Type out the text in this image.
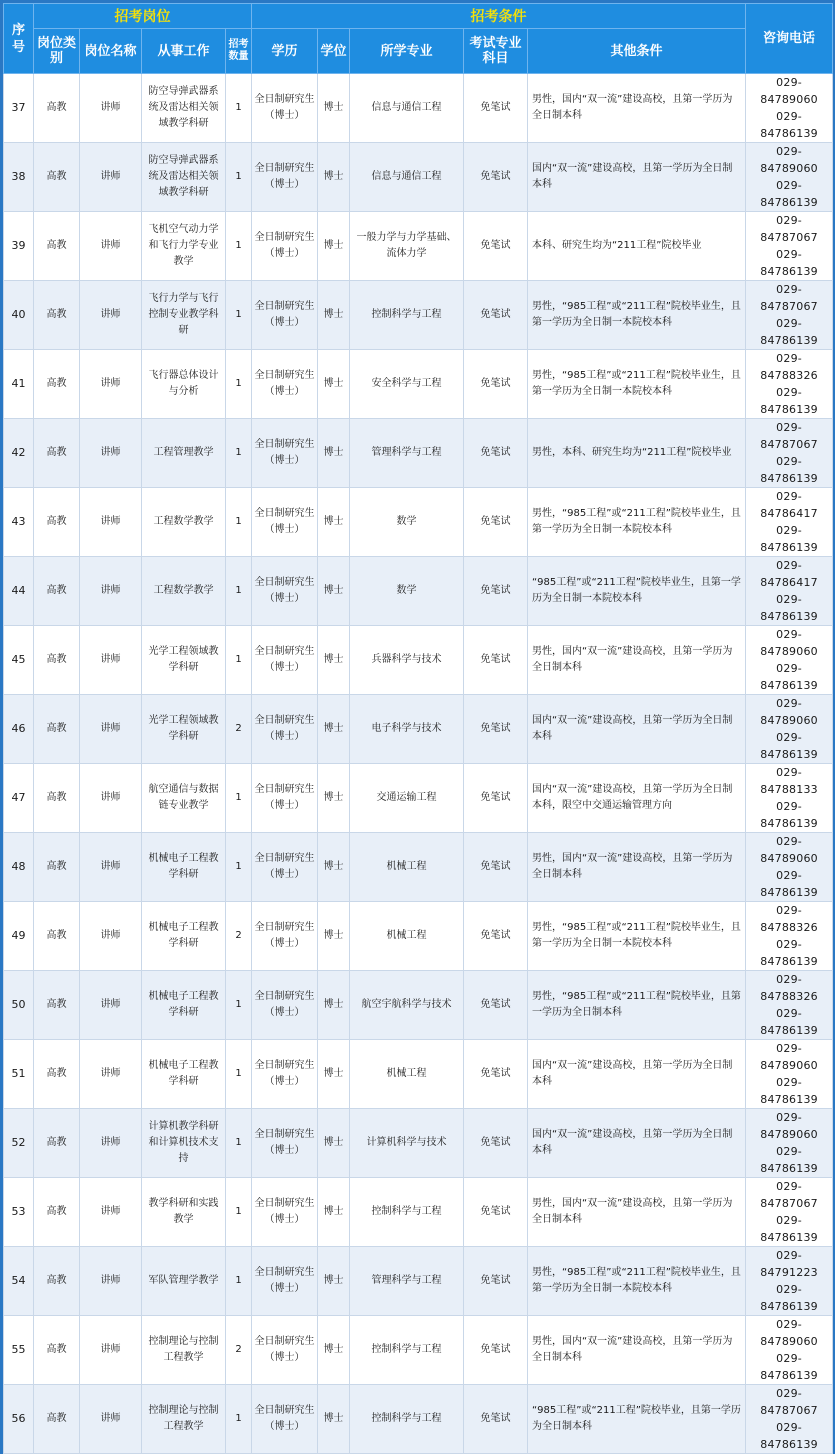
序号	招考岗位				招考条件					咨询电话
	岗位类别	岗位名称	从事工作	招考数量	学历	学位	所学专业	考试专业科目	其他条件	
37	高教	讲师	防空导弹武器系统及雷达相关领域教学科研	1	全日制研究生（博士）	博士	信息与通信工程	免笔试	男性，国内“双一流”建设高校，且第一学历为全日制本科	029-84789060
029-84786139

38	高教	讲师	防空导弹武器系统及雷达相关领域教学科研	1	全日制研究生（博士）	博士	信息与通信工程	免笔试	国内“双一流”建设高校，且第一学历为全日制本科	029-84789060
029-84786139

39	高教	讲师	飞机空气动力学和飞行力学专业教学	1	全日制研究生（博士）	博士	一般力学与力学基础、流体力学	免笔试	本科、研究生均为“211工程”院校毕业	029-84787067
029-84786139

40	高教	讲师	飞行力学与飞行控制专业教学科研	1	全日制研究生（博士）	博士	控制科学与工程	免笔试	男性，“985工程”或“211工程”院校毕业生，且第一学历为全日制一本院校本科	029-84787067
029-84786139

41	高教	讲师	飞行器总体设计与分析	1	全日制研究生（博士）	博士	安全科学与工程	免笔试	男性，“985工程”或“211工程”院校毕业生，且第一学历为全日制一本院校本科	029-84788326
029-84786139

42	高教	讲师	工程管理教学	1	全日制研究生（博士）	博士	管理科学与工程	免笔试	男性，本科、研究生均为“211工程”院校毕业	029-84787067
029-84786139

43	高教	讲师	工程数学教学	1	全日制研究生（博士）	博士	数学	免笔试	男性，“985工程”或“211工程”院校毕业生，且第一学历为全日制一本院校本科	029-84786417
029-84786139

44	高教	讲师	工程数学教学	1	全日制研究生（博士）	博士	数学	免笔试	“985工程”或“211工程”院校毕业生，且第一学历为全日制一本院校本科	029-84786417
029-84786139

45	高教	讲师	光学工程领域教学科研	1	全日制研究生（博士）	博士	兵器科学与技术	免笔试	男性，国内“双一流”建设高校，且第一学历为全日制本科	029-84789060
029-84786139

46	高教	讲师	光学工程领域教学科研	2	全日制研究生（博士）	博士	电子科学与技术	免笔试	国内“双一流”建设高校，且第一学历为全日制本科	029-84789060
029-84786139

47	高教	讲师	航空通信与数据链专业教学	1	全日制研究生（博士）	博士	交通运输工程	免笔试	国内“双一流”建设高校，且第一学历为全日制本科，限空中交通运输管理方向	029-84788133
029-84786139

48	高教	讲师	机械电子工程教学科研	1	全日制研究生（博士）	博士	机械工程	免笔试	男性，国内“双一流”建设高校，且第一学历为全日制本科	029-84789060
029-84786139

49	高教	讲师	机械电子工程教学科研	2	全日制研究生（博士）	博士	机械工程	免笔试	男性，“985工程”或“211工程”院校毕业生，且第一学历为全日制一本院校本科	029-84788326
029-84786139

50	高教	讲师	机械电子工程教学科研	1	全日制研究生（博士）	博士	航空宇航科学与技术	免笔试	男性，“985工程”或“211工程”院校毕业，且第一学历为全日制本科	029-84788326
029-84786139

51	高教	讲师	机械电子工程教学科研	1	全日制研究生（博士）	博士	机械工程	免笔试	国内“双一流”建设高校，且第一学历为全日制本科	029-84789060
029-84786139

52	高教	讲师	计算机教学科研和计算机技术支持	1	全日制研究生（博士）	博士	计算机科学与技术	免笔试	国内“双一流”建设高校，且第一学历为全日制本科	029-84789060
029-84786139

53	高教	讲师	教学科研和实践教学	1	全日制研究生（博士）	博士	控制科学与工程	免笔试	男性，国内“双一流”建设高校，且第一学历为全日制本科	029-84787067
029-84786139

54	高教	讲师	军队管理学教学	1	全日制研究生（博士）	博士	管理科学与工程	免笔试	男性，“985工程”或“211工程”院校毕业生，且第一学历为全日制一本院校本科	029-84791223
029-84786139

55	高教	讲师	控制理论与控制工程教学	2	全日制研究生（博士）	博士	控制科学与工程	免笔试	男性，国内“双一流”建设高校，且第一学历为全日制本科	029-84789060
029-84786139

56	高教	讲师	控制理论与控制工程教学	1	全日制研究生（博士）	博士	控制科学与工程	免笔试	“985工程”或“211工程”院校毕业，且第一学历为全日制本科	029-84787067
029-84786139
